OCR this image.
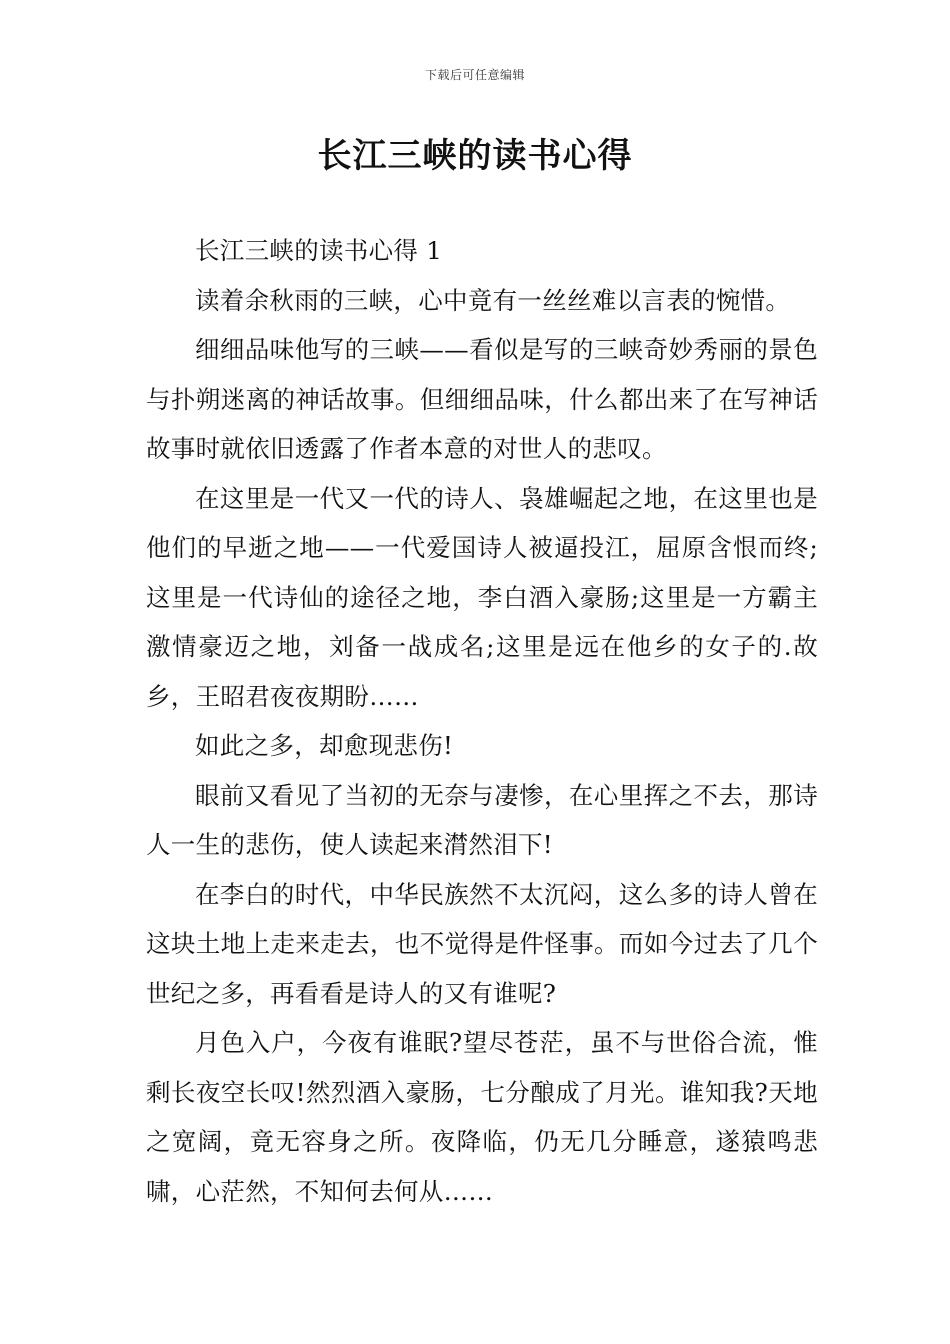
下载后可任意编辑
长江三峡的读书心得

长江三峡的读书心得 1

读着余秋雨的三峡，心中竟有一丝丝难以言表的惋惜。

细细品味他写的三峡——看似是写的三峡奇妙秀丽的景色与扑朔迷离的神话故事。但细细品味，什么都出来了在写神话故事时就依旧透露了作者本意的对世人的悲叹。

在这里是一代又一代的诗人、袅雄崛起之地，在这里也是他们的早逝之地——一代爱国诗人被逼投江，屈原含恨而终;这里是一代诗仙的途径之地，李白酒入豪肠;这里是一方霸主激情豪迈之地，刘备一战成名;这里是远在他乡的女子的.故乡，王昭君夜夜期盼……

如此之多，却愈现悲伤!

眼前又看见了当初的无奈与凄惨，在心里挥之不去，那诗人一生的悲伤，使人读起来潸然泪下!

在李白的时代，中华民族然不太沉闷，这么多的诗人曾在这块土地上走来走去，也不觉得是件怪事。而如今过去了几个世纪之多，再看看是诗人的又有谁呢?

月色入户，今夜有谁眠?望尽苍茫，虽不与世俗合流，惟剩长夜空长叹!然烈酒入豪肠，七分酿成了月光。谁知我?天地之宽阔，竟无容身之所。夜降临，仍无几分睡意，遂猿鸣悲啸，心茫然，不知何去何从……
